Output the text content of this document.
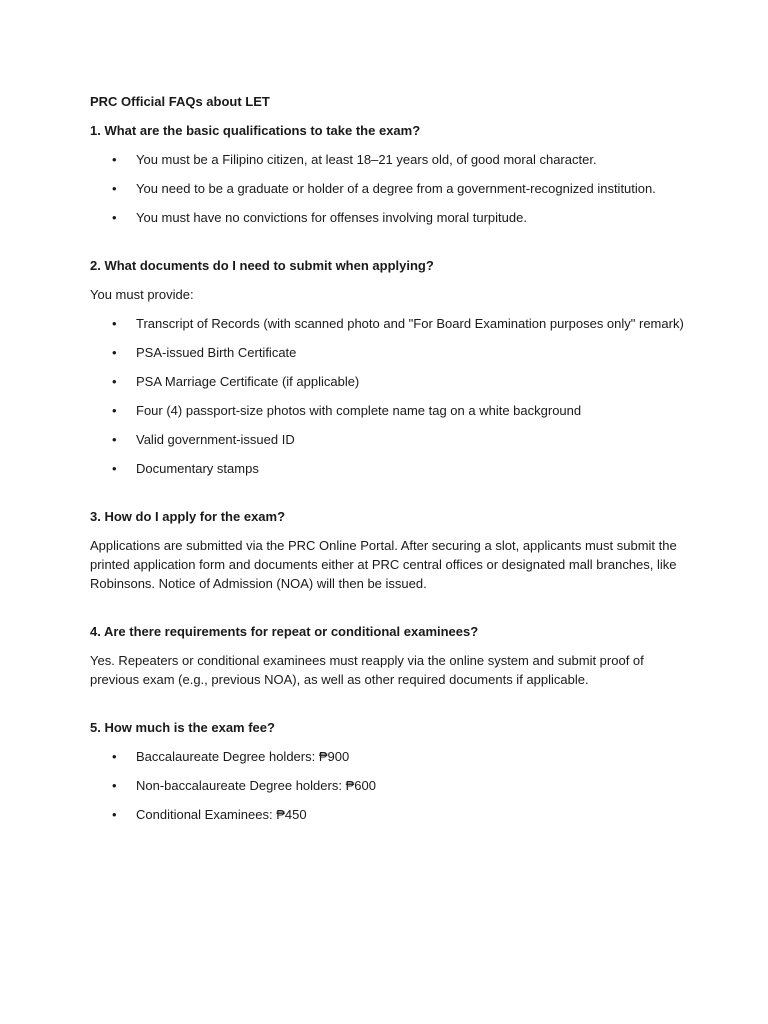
PRC Official FAQs about LET

1. What are the basic qualifications to take the exam?

• You must be a Filipino citizen, at least 18–21 years old, of good moral character.
• You need to be a graduate or holder of a degree from a government-recognized institution.
• You must have no convictions for offenses involving moral turpitude.

2. What documents do I need to submit when applying?

You must provide:

• Transcript of Records (with scanned photo and "For Board Examination purposes only" remark)
• PSA-issued Birth Certificate
• PSA Marriage Certificate (if applicable)
• Four (4) passport-size photos with complete name tag on a white background
• Valid government-issued ID
• Documentary stamps

3. How do I apply for the exam?

Applications are submitted via the PRC Online Portal. After securing a slot, applicants must submit the printed application form and documents either at PRC central offices or designated mall branches, like Robinsons. Notice of Admission (NOA) will then be issued.

4. Are there requirements for repeat or conditional examinees?

Yes. Repeaters or conditional examinees must reapply via the online system and submit proof of previous exam (e.g., previous NOA), as well as other required documents if applicable.

5. How much is the exam fee?

• Baccalaureate Degree holders: ₱900
• Non-baccalaureate Degree holders: ₱600
• Conditional Examinees: ₱450
